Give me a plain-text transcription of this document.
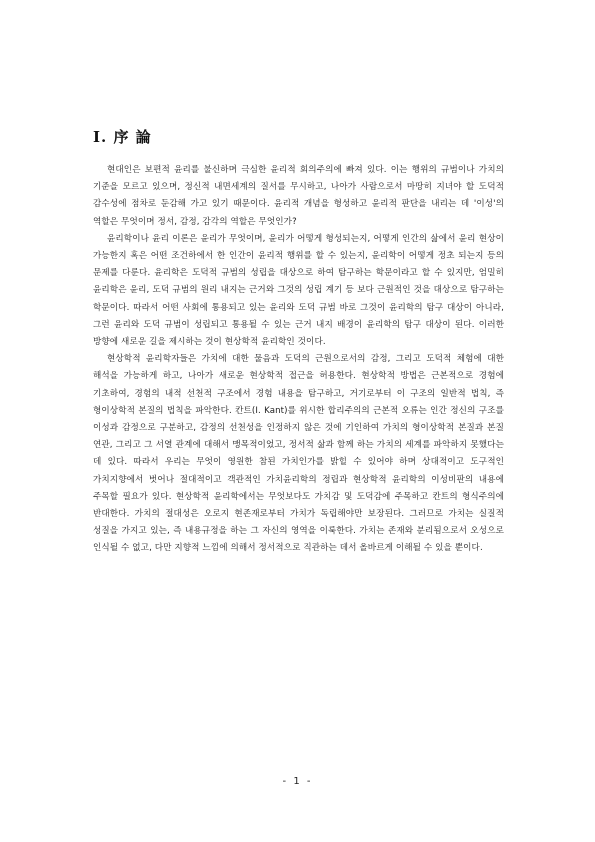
I. 序 論

현대인은 보편적 윤리를 불신하며 극심한 윤리적 회의주의에 빠져 있다. 이는 행위의 규범이나 가치의 기준을 모르고 있으며, 정신적 내면세계의 질서를 무시하고, 나아가 사람으로서 마땅히 지녀야 할 도덕적 감수성에 점차로 둔감해 가고 있기 때문이다. 윤리적 개념을 형성하고 윤리적 판단을 내리는 데 '이성'의 역할은 무엇이며 정서, 감정, 감각의 역할은 무엇인가?

윤리학이나 윤리 이론은 윤리가 무엇이며, 윤리가 어떻게 형성되는지, 어떻게 인간의 삶에서 윤리 현상이 가능한지 혹은 어떤 조건하에서 한 인간이 윤리적 행위를 할 수 있는지, 윤리학이 어떻게 정초 되는지 등의 문제를 다룬다. 윤리학은 도덕적 규범의 성립을 대상으로 하여 탐구하는 학문이라고 할 수 있지만, 엄밀히 윤리학은 윤리, 도덕 규범의 원리 내지는 근거와 그것의 성립 계기 등 보다 근원적인 것을 대상으로 탐구하는 학문이다. 따라서 어떤 사회에 통용되고 있는 윤리와 도덕 규범 바로 그것이 윤리학의 탐구 대상이 아니라, 그런 윤리와 도덕 규범이 성립되고 통용될 수 있는 근거 내지 배경이 윤리학의 탐구 대상이 된다. 이러한 방향에 새로운 길을 제시하는 것이 현상학적 윤리학인 것이다.

현상학적 윤리학자들은 가치에 대한 물음과 도덕의 근원으로서의 감정, 그리고 도덕적 체험에 대한 해석을 가능하게 하고, 나아가 새로운 현상학적 접근을 허용한다. 현상학적 방법은 근본적으로 경험에 기초하여, 경험의 내적 선천적 구조에서 경험 내용을 탐구하고, 거기로부터 이 구조의 일반적 법칙, 즉 형이상학적 본질의 법칙을 파악한다. 칸트(I. Kant)를 위시한 합리주의의 근본적 오류는 인간 정신의 구조를 이성과 감정으로 구분하고, 감정의 선천성을 인정하지 않은 것에 기인하여 가치의 형이상학적 본질과 본질 연관, 그리고 그 서열 관계에 대해서 맹목적이었고, 정서적 삶과 함께 하는 가치의 세계를 파악하지 못했다는 데 있다. 따라서 우리는 무엇이 영원한 참된 가치인가를 밝힐 수 있어야 하며 상대적이고 도구적인 가치지향에서 벗어나 절대적이고 객관적인 가치윤리학의 정립과 현상학적 윤리학의 이성비판의 내용에 주목할 필요가 있다. 현상학적 윤리학에서는 무엇보다도 가치감 및 도덕감에 주목하고 칸트의 형식주의에 반대한다. 가치의 절대성은 오로지 현존재로부터 가치가 독립해야만 보장된다. 그러므로 가치는 실질적 성질을 가지고 있는, 즉 내용규정을 하는 그 자신의 영역을 이룩한다. 가치는 존재와 분리됨으로서 오성으로 인식될 수 없고, 다만 지향적 느낌에 의해서 정서적으로 직관하는 데서 올바르게 이해될 수 있을 뿐이다.

- 1 -
